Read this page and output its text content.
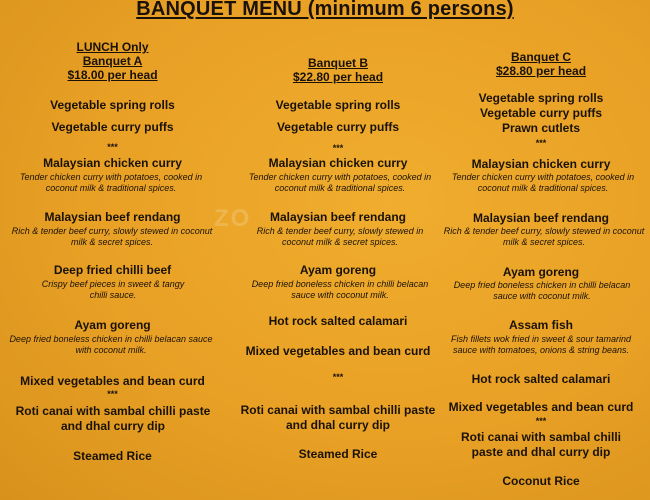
BANQUET MENU (minimum 6 persons)
ZO
LUNCH Only
Banquet A
$18.00 per head
Vegetable spring rolls
Vegetable curry puffs
***
Malaysian chicken curry
Tender chicken curry with potatoes, cooked in coconut milk & traditional spices.
Malaysian beef rendang
Rich & tender beef curry, slowly stewed in coconut milk & secret spices.
Deep fried chilli beef
Crispy beef pieces in sweet & tangy chilli sauce.
Ayam goreng
Deep fried boneless chicken in chilli belacan sauce with coconut milk.
Mixed vegetables and bean curd
***
Roti canai with sambal chilli paste and dhal curry dip
Steamed Rice
Banquet B
$22.80 per head
Vegetable spring rolls
Vegetable curry puffs
***
Malaysian chicken curry
Tender chicken curry with potatoes, cooked in coconut milk & traditional spices.
Malaysian beef rendang
Rich & tender beef curry, slowly stewed in coconut milk & secret spices.
Ayam goreng
Deep fried boneless chicken in chilli belacan sauce with coconut milk.
Hot rock salted calamari
Mixed vegetables and bean curd
***
Roti canai with sambal chilli paste and dhal curry dip
Steamed Rice
Banquet C
$28.80 per head
Vegetable spring rolls
Vegetable curry puffs
Prawn cutlets
***
Malaysian chicken curry
Tender chicken curry with potatoes, cooked in coconut milk & traditional spices.
Malaysian beef rendang
Rich & tender beef curry, slowly stewed in coconut milk & secret spices.
Ayam goreng
Deep fried boneless chicken in chilli belacan sauce with coconut milk.
Assam fish
Fish fillets wok fried in sweet & sour tamarind sauce with tomatoes, onions & string beans.
Hot rock salted calamari
Mixed vegetables and bean curd
***
Roti canai with sambal chilli paste and dhal curry dip
Coconut Rice
